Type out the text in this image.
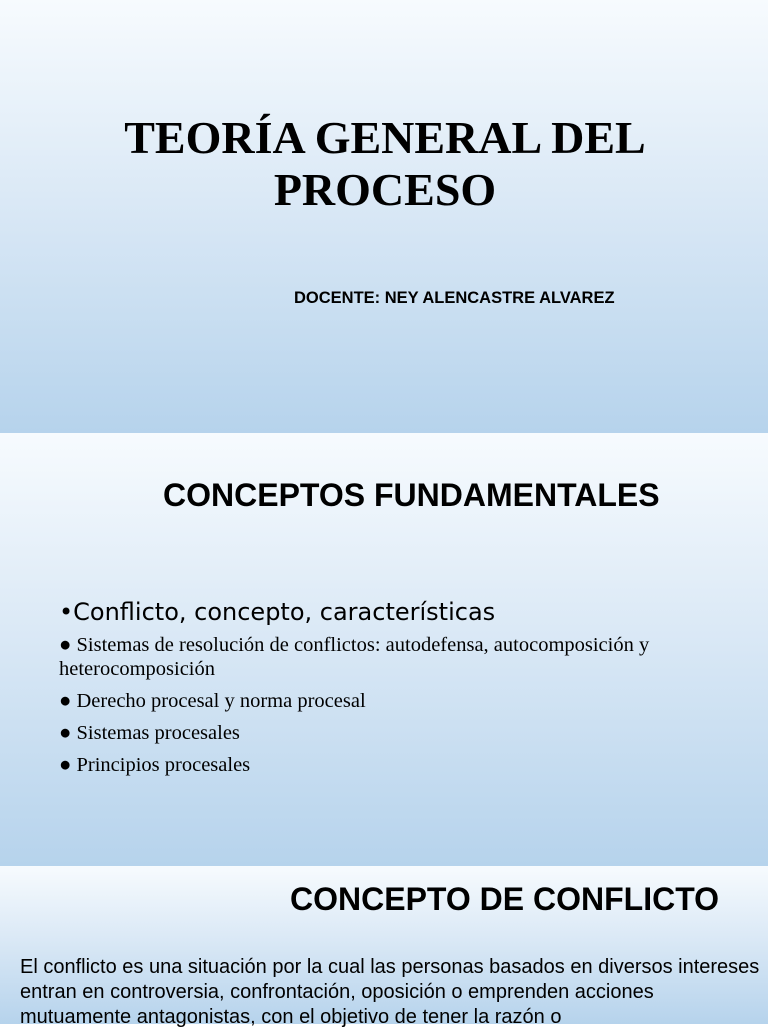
TEORÍA GENERAL DEL
PROCESO
DOCENTE: NEY ALENCASTRE ALVAREZ
CONCEPTOS FUNDAMENTALES
•Conflicto, concepto, características
● Sistemas de resolución de conflictos: autodefensa, autocomposición y heterocomposición
● Derecho procesal y norma procesal
● Sistemas procesales
● Principios procesales
CONCEPTO DE CONFLICTO

El conflicto es una situación por la cual las personas basados en diversos intereses entran en controversia, confrontación, oposición o emprenden acciones mutuamente antagonistas, con el objetivo de tener la razón o
